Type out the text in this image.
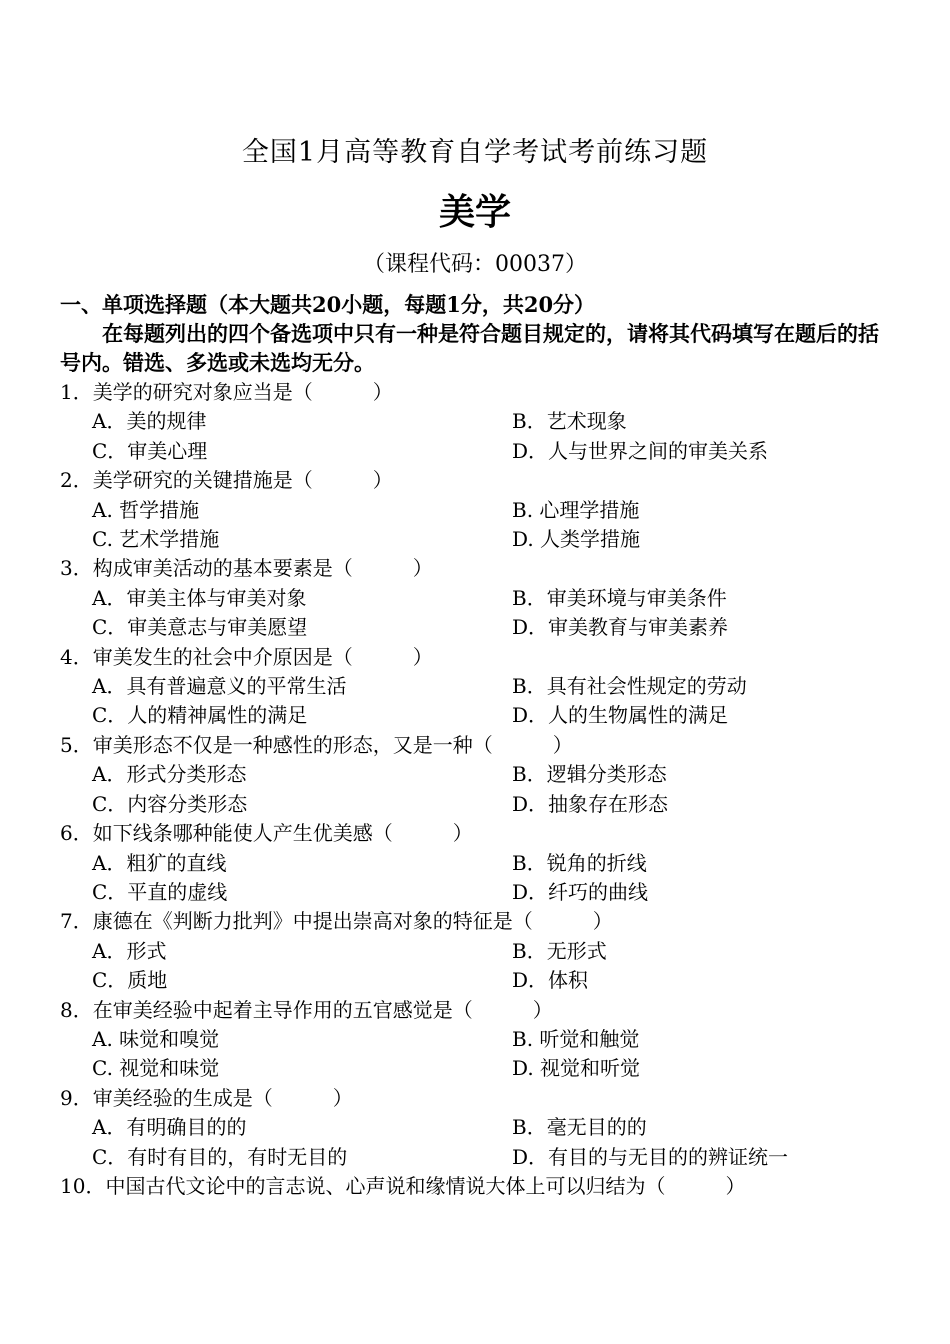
全国1月高等教育自学考试考前练习题
美学
（课程代码：00037）
一、单项选择题（本大题共20小题，每题1分，共20分）
在每题列出的四个备选项中只有一种是符合题目规定的，请将其代码填写在题后的括号内。错选、多选或未选均无分。
1．美学的研究对象应当是（　　　）
A．美的规律	B．艺术现象
C．审美心理	D．人与世界之间的审美关系
2．美学研究的关键措施是（　　　）
A. 哲学措施	B. 心理学措施
C. 艺术学措施	D. 人类学措施
3．构成审美活动的基本要素是（　　　）
A．审美主体与审美对象	B．审美环境与审美条件
C．审美意志与审美愿望	D．审美教育与审美素养
4．审美发生的社会中介原因是（　　　）
A．具有普遍意义的平常生活	B．具有社会性规定的劳动
C．人的精神属性的满足	D．人的生物属性的满足
5．审美形态不仅是一种感性的形态，又是一种（　　　）
A．形式分类形态	B．逻辑分类形态
C．内容分类形态	D．抽象存在形态
6．如下线条哪种能使人产生优美感（　　　）
A．粗犷的直线	B．锐角的折线
C．平直的虚线	D．纤巧的曲线
7．康德在《判断力批判》中提出崇高对象的特征是（　　　）
A．形式	B．无形式
C．质地	D．体积
8．在审美经验中起着主导作用的五官感觉是（　　　）
A. 味觉和嗅觉	B. 听觉和触觉
C. 视觉和味觉	D. 视觉和听觉
9．审美经验的生成是（　　　）
A．有明确目的的	B．毫无目的的
C．有时有目的，有时无目的	D．有目的与无目的的辨证统一
10．中国古代文论中的言志说、心声说和缘情说大体上可以归结为（　　　）
